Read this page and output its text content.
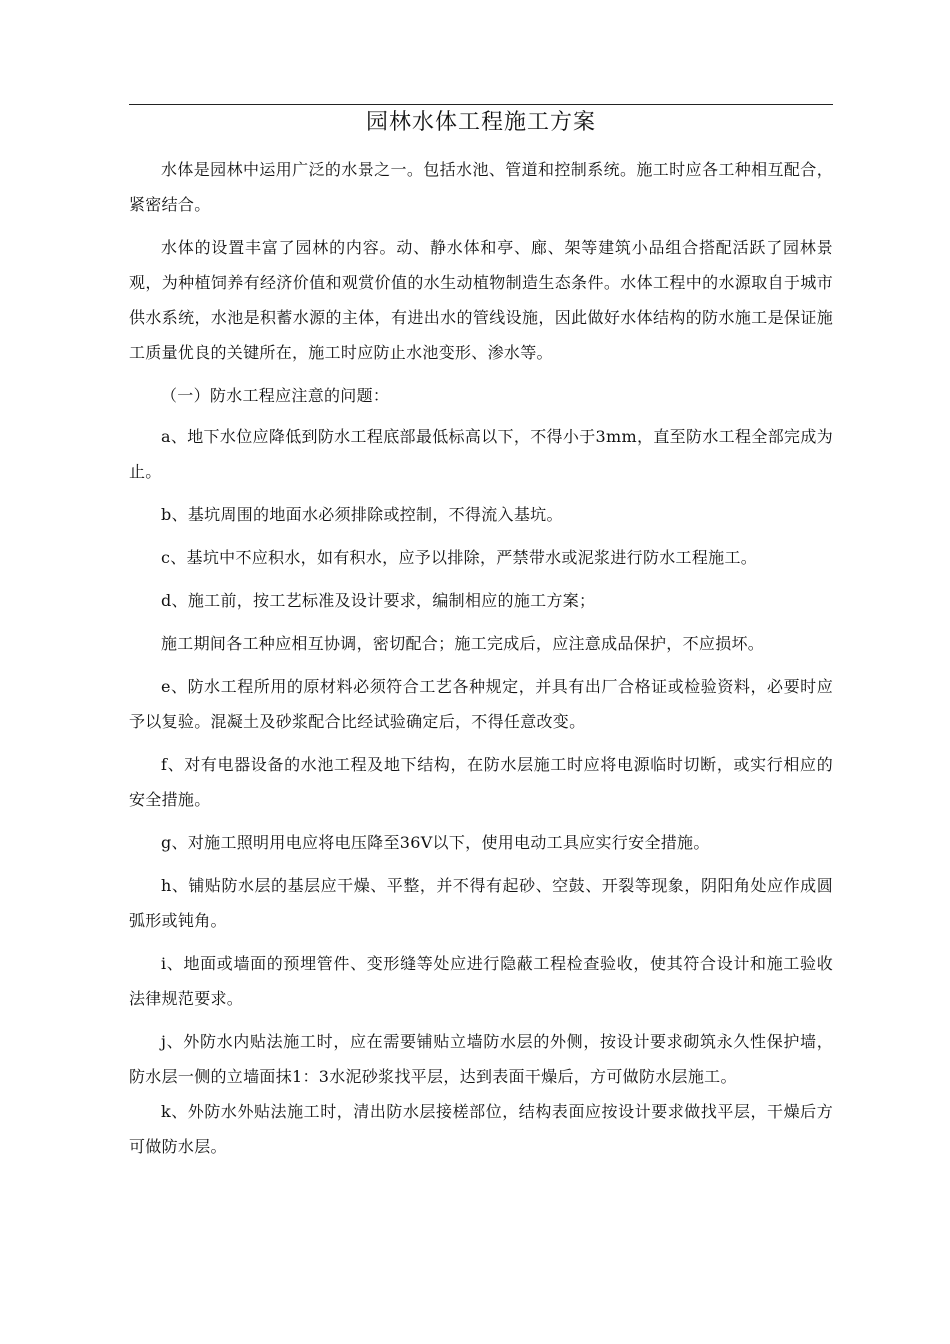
园林水体工程施工方案

水体是园林中运用广泛的水景之一。包括水池、管道和控制系统。施工时应各工种相互配合，紧密结合。

水体的设置丰富了园林的内容。动、静水体和亭、廊、架等建筑小品组合搭配活跃了园林景观，为种植饲养有经济价值和观赏价值的水生动植物制造生态条件。水体工程中的水源取自于城市供水系统，水池是积蓄水源的主体，有进出水的管线设施，因此做好水体结构的防水施工是保证施工质量优良的关键所在，施工时应防止水池变形、渗水等。

（一）防水工程应注意的问题：

a、地下水位应降低到防水工程底部最低标高以下，不得小于3mm，直至防水工程全部完成为止。

b、基坑周围的地面水必须排除或控制，不得流入基坑。

c、基坑中不应积水，如有积水，应予以排除，严禁带水或泥浆进行防水工程施工。

d、施工前，按工艺标准及设计要求，编制相应的施工方案；

施工期间各工种应相互协调，密切配合；施工完成后，应注意成品保护，不应损坏。

e、防水工程所用的原材料必须符合工艺各种规定，并具有出厂合格证或检验资料，必要时应予以复验。混凝土及砂浆配合比经试验确定后，不得任意改变。

f、对有电器设备的水池工程及地下结构，在防水层施工时应将电源临时切断，或实行相应的安全措施。

g、对施工照明用电应将电压降至36V以下，使用电动工具应实行安全措施。

h、铺贴防水层的基层应干燥、平整，并不得有起砂、空鼓、开裂等现象，阴阳角处应作成圆弧形或钝角。

i、地面或墙面的预埋管件、变形缝等处应进行隐蔽工程检查验收，使其符合设计和施工验收法律规范要求。

j、外防水内贴法施工时，应在需要铺贴立墙防水层的外侧，按设计要求砌筑永久性保护墙，防水层一侧的立墙面抹1：3水泥砂浆找平层，达到表面干燥后，方可做防水层施工。

k、外防水外贴法施工时，清出防水层接槎部位，结构表面应按设计要求做找平层，干燥后方可做防水层。
